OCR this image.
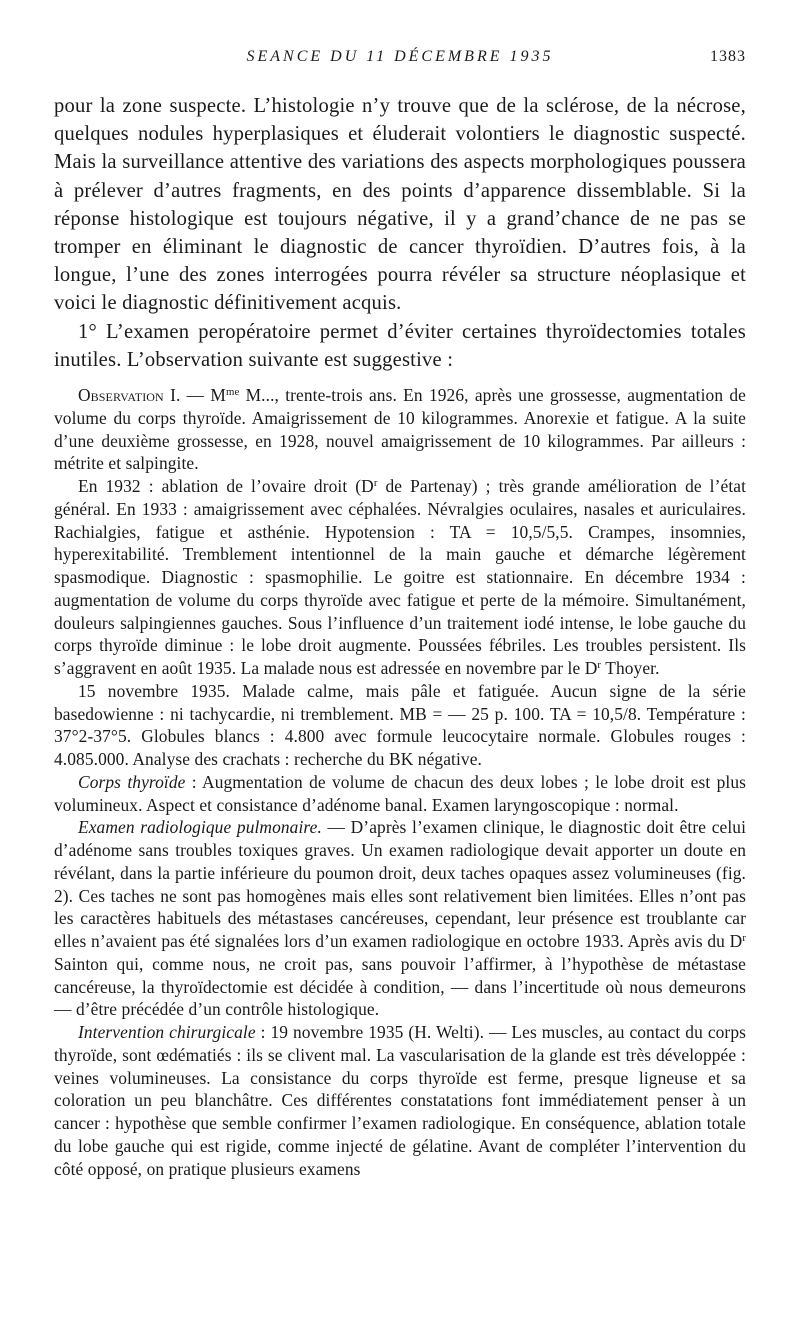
SEANCE DU 11 DÉCEMBRE 1935	1383

pour la zone suspecte. L’histologie n’y trouve que de la sclérose, de la nécrose, quelques nodules hyperplasiques et éluderait volontiers le diagnostic suspecté. Mais la surveillance attentive des variations des aspects morphologiques poussera à prélever d’autres fragments, en des points d’apparence dissemblable. Si la réponse histologique est toujours négative, il y a grand’chance de ne pas se tromper en éliminant le diagnostic de cancer thyroïdien. D’autres fois, à la longue, l’une des zones interrogées pourra révéler sa structure néoplasique et voici le diagnostic définitivement acquis.

1° L’examen peropératoire permet d’éviter certaines thyroïdectomies totales inutiles. L’observation suivante est suggestive :

Observation I. — $M^{me}$ M..., trente-trois ans. En 1926, après une grossesse, augmentation de volume du corps thyroïde. Amaigrissement de 10 kilogrammes. Anorexie et fatigue. A la suite d’une deuxième grossesse, en 1928, nouvel amaigrissement de 10 kilogrammes. Par ailleurs : métrite et salpingite.

En 1932 : ablation de l’ovaire droit ($D^r$ de Partenay) ; très grande amélioration de l’état général. En 1933 : amaigrissement avec céphalées. Névralgies oculaires, nasales et auriculaires. Rachialgies, fatigue et asthénie. Hypotension : TA = 10,5/5,5. Crampes, insomnies, hyperexitabilité. Tremblement intentionnel de la main gauche et démarche légèrement spasmodique. Diagnostic : spasmophilie. Le goitre est stationnaire. En décembre 1934 : augmentation de volume du corps thyroïde avec fatigue et perte de la mémoire. Simultanément, douleurs salpingiennes gauches. Sous l’influence d’un traitement iodé intense, le lobe gauche du corps thyroïde diminue : le lobe droit augmente. Poussées fébriles. Les troubles persistent. Ils s’aggravent en août 1935. La malade nous est adressée en novembre par le $D^r$ Thoyer.

15 novembre 1935. Malade calme, mais pâle et fatiguée. Aucun signe de la série basedowienne : ni tachycardie, ni tremblement. MB = — 25 p. 100. TA = 10,5/8. Température : 37°2-37°5. Globules blancs : 4.800 avec formule leucocytaire normale. Globules rouges : 4.085.000. Analyse des crachats : recherche du BK négative.

Corps thyroïde : Augmentation de volume de chacun des deux lobes ; le lobe droit est plus volumineux. Aspect et consistance d’adénome banal. Examen laryngoscopique : normal.

Examen radiologique pulmonaire. — D’après l’examen clinique, le diagnostic doit être celui d’adénome sans troubles toxiques graves. Un examen radiologique devait apporter un doute en révélant, dans la partie inférieure du poumon droit, deux taches opaques assez volumineuses (fig. 2). Ces taches ne sont pas homogènes mais elles sont relativement bien limitées. Elles n’ont pas les caractères habituels des métastases cancéreuses, cependant, leur présence est troublante car elles n’avaient pas été signalées lors d’un examen radiologique en octobre 1933. Après avis du $D^r$ Sainton qui, comme nous, ne croit pas, sans pouvoir l’affirmer, à l’hypothèse de métastase cancéreuse, la thyroïdectomie est décidée à condition, — dans l’incertitude où nous demeurons — d’être précédée d’un contrôle histologique.

Intervention chirurgicale : 19 novembre 1935 (H. Welti). — Les muscles, au contact du corps thyroïde, sont œdématiés : ils se clivent mal. La vascularisation de la glande est très développée : veines volumineuses. La consistance du corps thyroïde est ferme, presque ligneuse et sa coloration un peu blanchâtre. Ces différentes constatations font immédiatement penser à un cancer : hypothèse que semble confirmer l’examen radiologique. En conséquence, ablation totale du lobe gauche qui est rigide, comme injecté de gélatine. Avant de compléter l’intervention du côté opposé, on pratique plusieurs examens
